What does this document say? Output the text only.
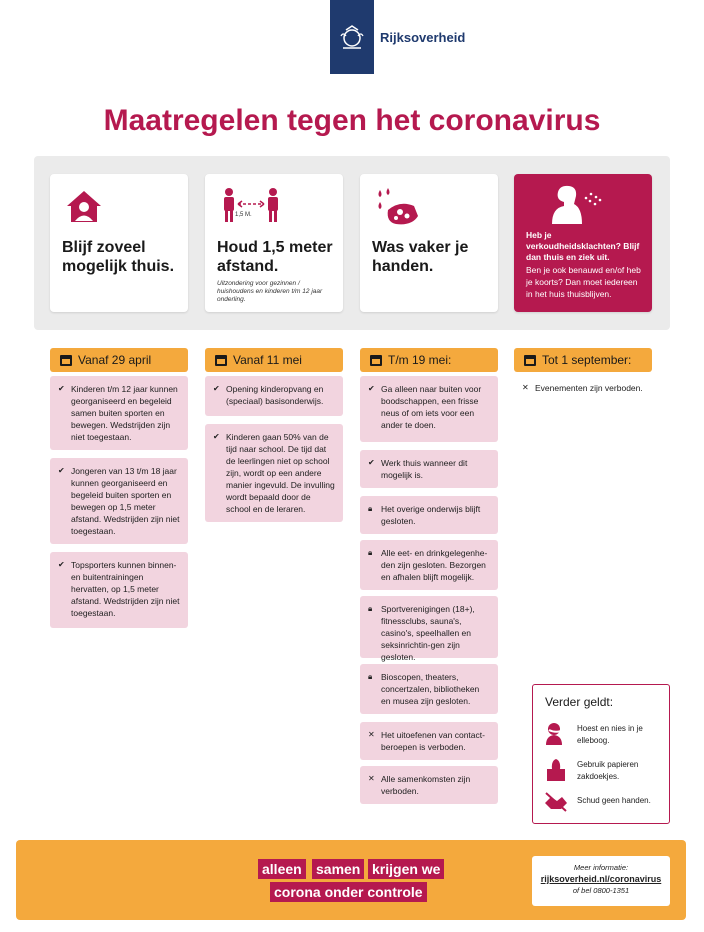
Rijksoverheid
Maatregelen tegen het coronavirus
Blijf zoveel mogelijk thuis.
1,5 M.
Houd 1,5 meter afstand.
Uitzondering voor gezinnen / huishoudens en kinderen t/m 12 jaar onderling.
Was vaker je handen.
Heb je verkoudheidsklachten? Blijf dan thuis en ziek uit.
Ben je ook benauwd en/of heb je koorts? Dan moet iedereen in het huis thuisblijven.
Vanaf 29 april	Vanaf 11 mei	T/m 19 mei:	Tot 1 september:
✔ Kinderen t/m 12 jaar kunnen georganiseerd en begeleid samen buiten sporten en bewegen. Wedstrijden zijn niet toegestaan.
✔ Jongeren van 13 t/m 18 jaar kunnen georganiseerd en begeleid buiten sporten en bewegen op 1,5 meter afstand. Wedstrijden zijn niet toegestaan.
✔ Topsporters kunnen binnen- en buitentrainingen hervatten, op 1,5 meter afstand. Wedstrijden zijn niet toegestaan.
✔ Opening kinderopvang en (speciaal) basisonderwijs.
✔ Kinderen gaan 50% van de tijd naar school. De tijd dat de leerlingen niet op school zijn, wordt op een andere manier ingevuld. De invulling wordt bepaald door de school en de leraren.
✔ Ga alleen naar buiten voor boodschappen, een frisse neus of om iets voor een ander te doen.
✔ Werk thuis wanneer dit mogelijk is.
🔒︎ Het overige onderwijs blijft gesloten.
🔒︎ Alle eet- en drinkgelegenhe-den zijn gesloten. Bezorgen en afhalen blijft mogelijk.
🔒︎ Sportverenigingen (18+), fitnessclubs, sauna's, casino's, speelhallen en seksinrichtin-gen zijn gesloten.
🔒︎ Bioscopen, theaters, concertzalen, bibliotheken en musea zijn gesloten.
✕ Het uitoefenen van contact-beroepen is verboden.
✕ Alle samenkomsten zijn verboden.
✕ Evenementen zijn verboden.
Verder geldt:
Hoest en nies in je elleboog.
Gebruik papieren zakdoekjes.
Schud geen handen.
alleen samen krijgen we
corona onder controle
Meer informatie:
rijksoverheid.nl/coronavirus
of bel 0800-1351
